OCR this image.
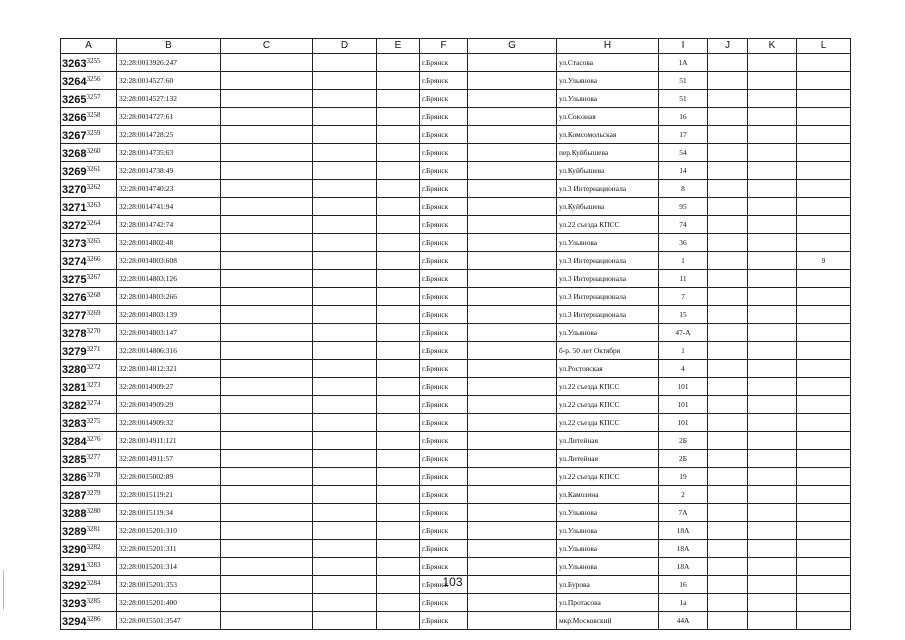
A	B	C	D	E	F	G	H	I	J	K	L
$3263^{3255}$	32:28:0013926:247				г.Брянск		ул.Стасова	1А			
$3264^{3256}$	32:28:0014527:60				г.Брянск		ул.Ульянова	51			
$3265^{3257}$	32:28:0014527:132				г.Брянск		ул.Ульянова	51			
$3266^{3258}$	32:28:0014727:61				г.Брянск		ул.Союзная	16			
$3267^{3259}$	32:28:0014728:25				г.Брянск		ул.Комсомольская	17			
$3268^{3260}$	32:28:0014735:63				г.Брянск		пер.Куйбышева	54			
$3269^{3261}$	32:28:0014738:49				г.Брянск		ул.Куйбышева	14			
$3270^{3262}$	32:28:0014740:23				г.Брянск		ул.3 Интернационала	8			
$3271^{3263}$	32:28:0014741:94				г.Брянск		ул.Куйбышева	95			
$3272^{3264}$	32:28:0014742:74				г.Брянск		ул.22 съезда КПСС	74			
$3273^{3265}$	32:28:0014802:48				г.Брянск		ул.Ульянова	36			
$3274^{3266}$	32:28:0014803:608				г.Брянск		ул.3 Интернационала	1			9
$3275^{3267}$	32:28:0014803:126				г.Брянск		ул.3 Интернационала	11			
$3276^{3268}$	32:28:0014803:266				г.Брянск		ул.3 Интернационала	7			
$3277^{3269}$	32:28:0014803:139				г.Брянск		ул.3 Интернационала	15			
$3278^{3270}$	32:28:0014803:147				г.Брянск		ул.Ульянова	47-А			
$3279^{3271}$	32:28:0014806:316				г.Брянск		б-р. 50 лет Октября	1			
$3280^{3272}$	32:28:0014812:321				г.Брянск		ул.Ростовская	4			
$3281^{3273}$	32:28:0014909:27				г.Брянск		ул.22 съезда КПСС	101			
$3282^{3274}$	32:28:0014909:29				г.Брянск		ул.22 съезда КПСС	101			
$3283^{3275}$	32:28:0014909:32				г.Брянск		ул.22 съезда КПСС	101			
$3284^{3276}$	32:28:0014911:121				г.Брянск		ул.Литейная	2Б			
$3285^{3277}$	32:28:0014911:57				г.Брянск		ул.Литейная	2Б			
$3286^{3278}$	32:28:0015002:89				г.Брянск		ул.22 съезда КПСС	19			
$3287^{3279}$	32:28:0015119:21				г.Брянск		ул.Камозина	2			
$3288^{3280}$	32:28:0015119:34				г.Брянск		ул.Ульянова	7А			
$3289^{3281}$	32:28:0015201:310				г.Брянск		ул.Ульянова	18А			
$3290^{3282}$	32:28:0015201:311				г.Брянск		ул.Ульянова	18А			
$3291^{3283}$	32:28:0015201:314				г.Брянск		ул.Ульянова	18А			
$3292^{3284}$	32:28:0015201:353				г.Брянск		ул.Бурова	16			
$3293^{3285}$	32:28:0015201:400				г.Брянск		ул.Протасова	1а			
$3294^{3286}$	32:28:0015501:3547				г.Брянск		мкр.Московский	44А			
103
